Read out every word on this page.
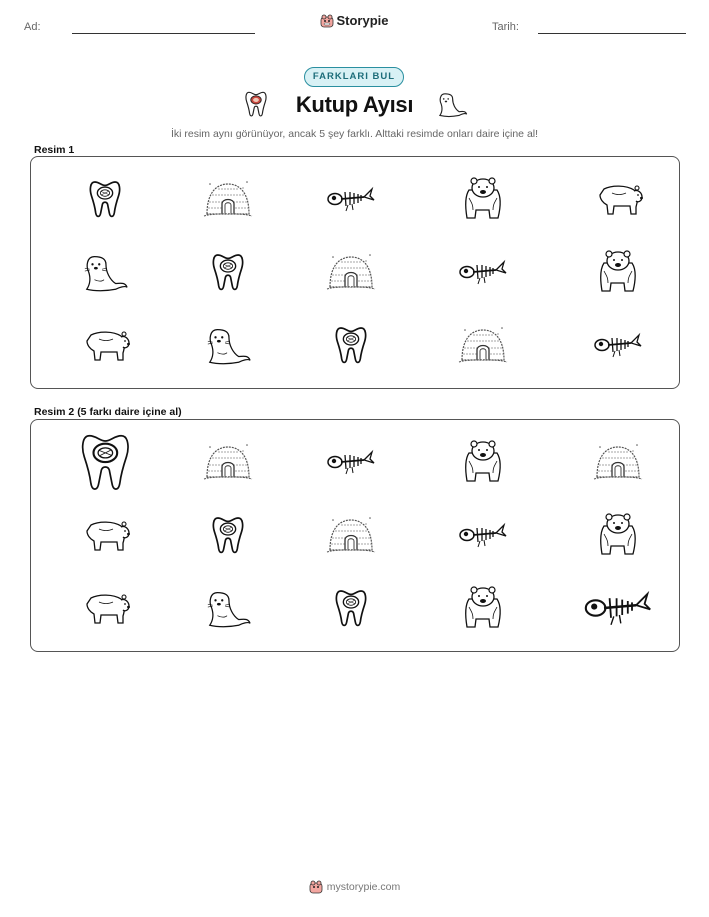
Ad:	Storypie	Tarih:
FARKLARI BUL
Kutup Ayısı
İki resim aynı görünüyor, ancak 5 şey farklı. Alttaki resimde onları daire içine al!
Resim 1
Resim 2 (5 farkı daire içine al)
mystorypie.com
